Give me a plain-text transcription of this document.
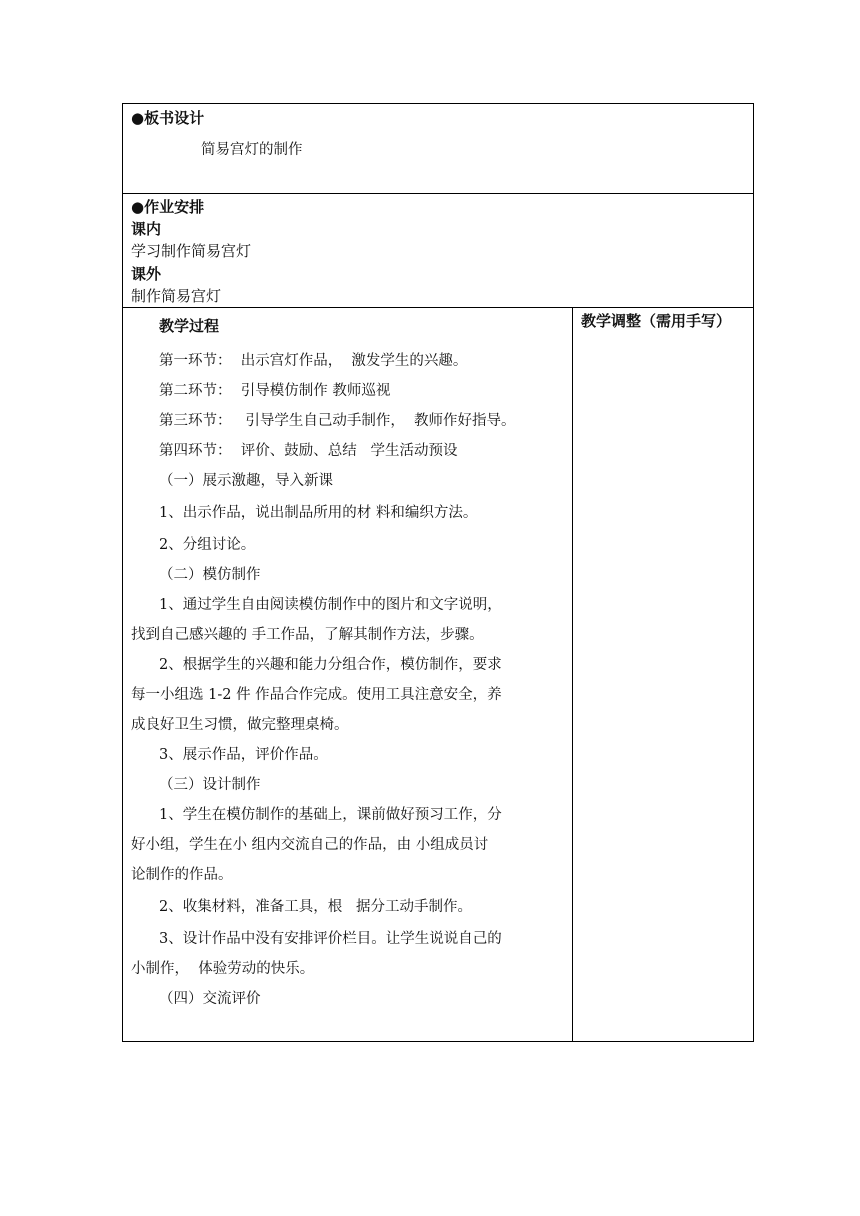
●板书设计
简易宫灯的制作
●作业安排
课内
学习制作简易宫灯
课外
制作简易宫灯
教学过程
第一环节：  出示宫灯作品，  激发学生的兴趣。
第二环节：  引导模仿制作 教师巡视
第三环节：   引导学生自己动手制作，  教师作好指导。
第四环节：  评价、鼓励、总结   学生活动预设
（一）展示激趣，导入新课
1、出示作品，说出制品所用的材 料和编织方法。
2、分组讨论。
（二）模仿制作
1、通过学生自由阅读模仿制作中的图片和文字说明，
找到自己感兴趣的 手工作品，了解其制作方法，步骤。
2、根据学生的兴趣和能力分组合作，模仿制作，要求
每一小组选 1-2 件 作品合作完成。使用工具注意安全，养
成良好卫生习惯，做完整理桌椅。
3、展示作品，评价作品。
（三）设计制作
1、学生在模仿制作的基础上，课前做好预习工作，分
好小组，学生在小 组内交流自己的作品，由 小组成员讨
论制作的作品。
2、收集材料，准备工具，根   据分工动手制作。
3、设计作品中没有安排评价栏目。让学生说说自己的
小制作，  体验劳动的快乐。
（四）交流评价
教学调整（需用手写）
